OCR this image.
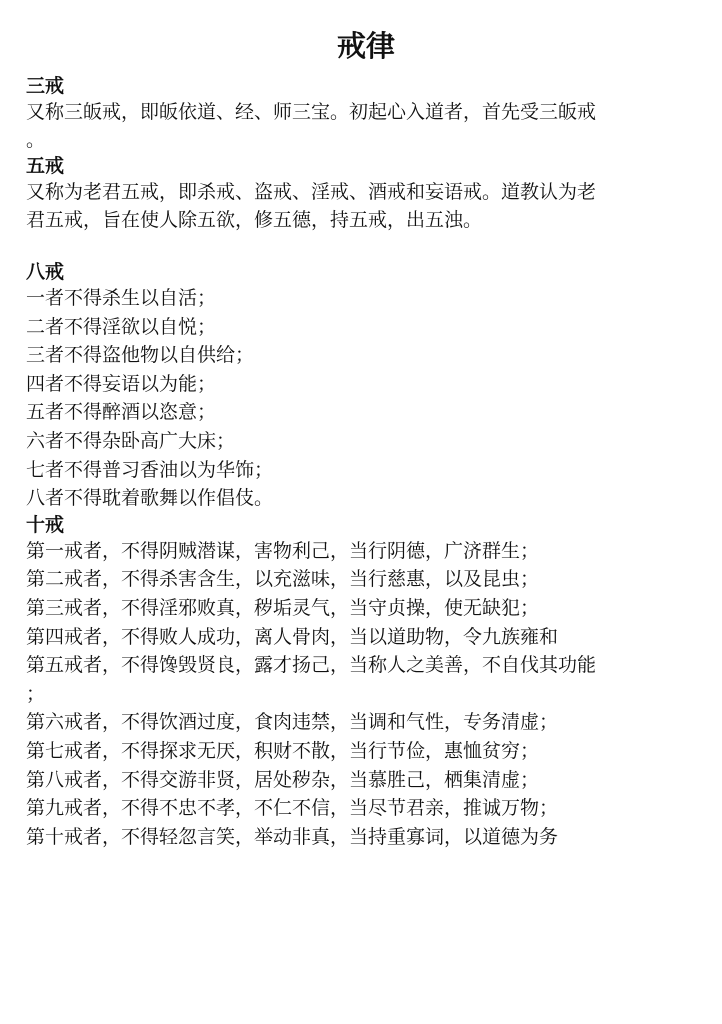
戒律
三戒
又称三皈戒，即皈依道、经、师三宝。初起心入道者，首先受三皈戒
。
五戒
又称为老君五戒，即杀戒、盗戒、淫戒、酒戒和妄语戒。道教认为老
君五戒，旨在使人除五欲，修五德，持五戒，出五浊。
八戒
一者不得杀生以自活；
二者不得淫欲以自悦；
三者不得盗他物以自供给；
四者不得妄语以为能；
五者不得醉酒以恣意；
六者不得杂卧高广大床；
七者不得普习香油以为华饰；
八者不得耽着歌舞以作倡伎。
十戒
第一戒者，不得阴贼潜谋，害物利己，当行阴德，广济群生；
第二戒者，不得杀害含生，以充滋味，当行慈惠，以及昆虫；
第三戒者，不得淫邪败真，秽垢灵气，当守贞操，使无缺犯；
第四戒者，不得败人成功，离人骨肉，当以道助物，令九族雍和
第五戒者，不得馋毁贤良，露才扬己，当称人之美善，不自伐其功能
；
第六戒者，不得饮酒过度，食肉违禁，当调和气性，专务清虚；
第七戒者，不得探求无厌，积财不散，当行节俭，惠恤贫穷；
第八戒者，不得交游非贤，居处秽杂，当慕胜己，栖集清虚；
第九戒者，不得不忠不孝，不仁不信，当尽节君亲，推诚万物；
第十戒者，不得轻忽言笑，举动非真，当持重寡词，以道德为务
